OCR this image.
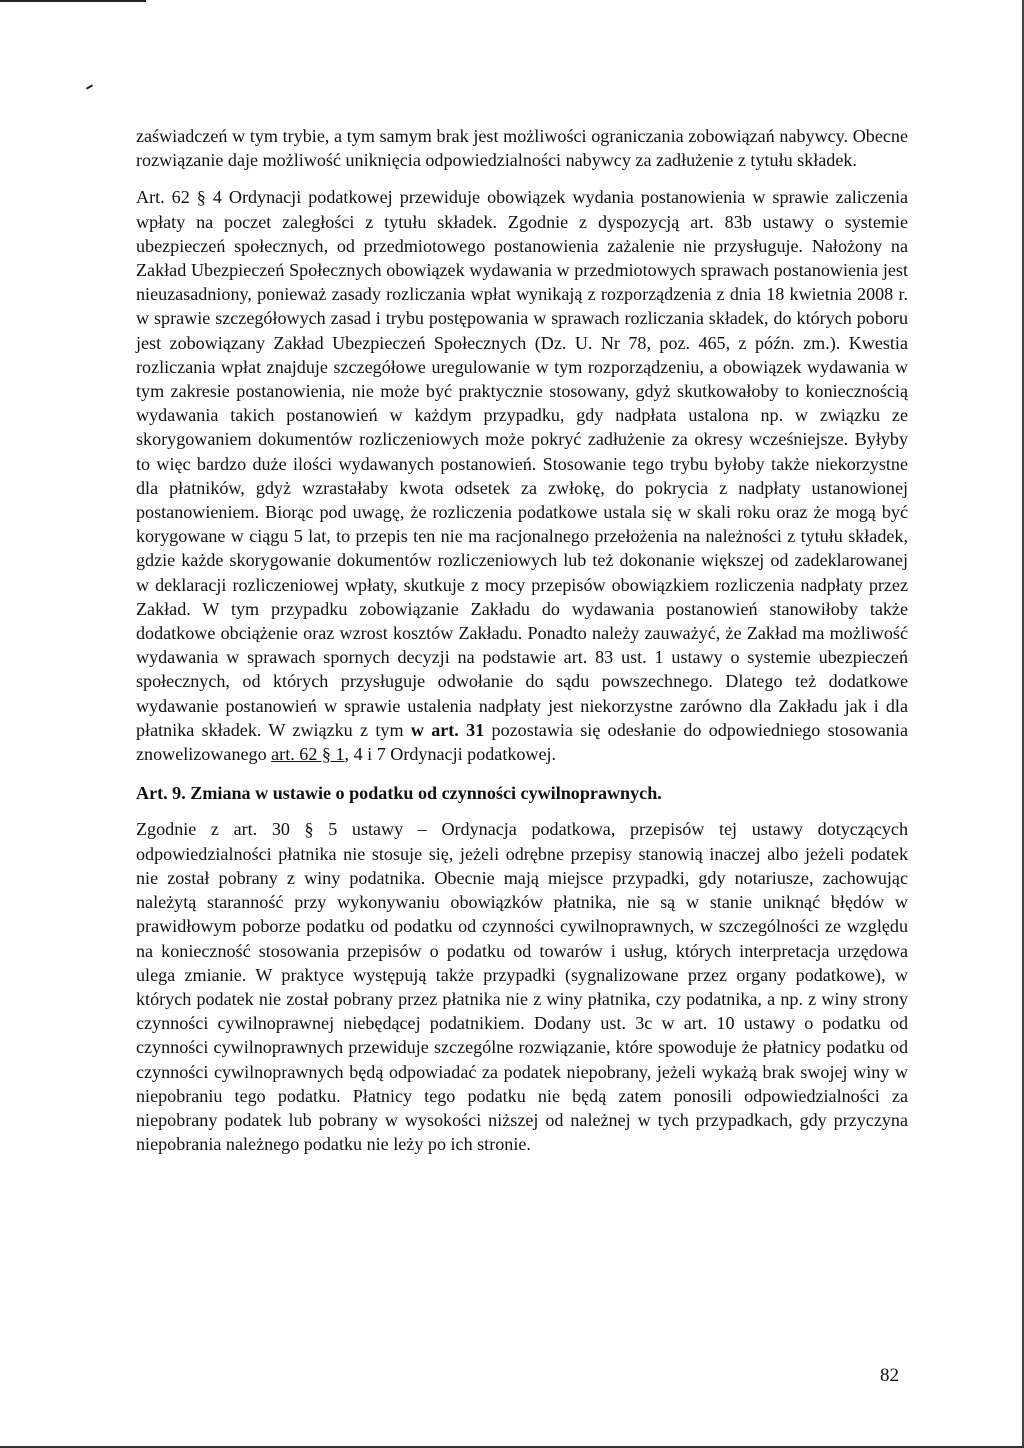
zaświadczeń w tym trybie, a tym samym brak jest możliwości ograniczania zobowiązań nabywcy. Obecne rozwiązanie daje możliwość uniknięcia odpowiedzialności nabywcy za zadłużenie z tytułu składek.

Art. 62 § 4 Ordynacji podatkowej przewiduje obowiązek wydania postanowienia w sprawie zaliczenia wpłaty na poczet zaległości z tytułu składek. Zgodnie z dyspozycją art. 83b ustawy o systemie ubezpieczeń społecznych, od przedmiotowego postanowienia zażalenie nie przysługuje. Nałożony na Zakład Ubezpieczeń Społecznych obowiązek wydawania w przedmiotowych sprawach postanowienia jest nieuzasadniony, ponieważ zasady rozliczania wpłat wynikają z rozporządzenia z dnia 18 kwietnia 2008 r. w sprawie szczegółowych zasad i trybu postępowania w sprawach rozliczania składek, do których poboru jest zobowiązany Zakład Ubezpieczeń Społecznych (Dz. U. Nr 78, poz. 465, z późn. zm.). Kwestia rozliczania wpłat znajduje szczegółowe uregulowanie w tym rozporządzeniu, a obowiązek wydawania w tym zakresie postanowienia, nie może być praktycznie stosowany, gdyż skutkowałoby to koniecznością wydawania takich postanowień w każdym przypadku, gdy nadpłata ustalona np. w związku ze skorygowaniem dokumentów rozliczeniowych może pokryć zadłużenie za okresy wcześniejsze. Byłyby to więc bardzo duże ilości wydawanych postanowień. Stosowanie tego trybu byłoby także niekorzystne dla płatników, gdyż wzrastałaby kwota odsetek za zwłokę, do pokrycia z nadpłaty ustanowionej postanowieniem. Biorąc pod uwagę, że rozliczenia podatkowe ustala się w skali roku oraz że mogą być korygowane w ciągu 5 lat, to przepis ten nie ma racjonalnego przełożenia na należności z tytułu składek, gdzie każde skorygowanie dokumentów rozliczeniowych lub też dokonanie większej od zadeklarowanej w deklaracji rozliczeniowej wpłaty, skutkuje z mocy przepisów obowiązkiem rozliczenia nadpłaty przez Zakład. W tym przypadku zobowiązanie Zakładu do wydawania postanowień stanowiłoby także dodatkowe obciążenie oraz wzrost kosztów Zakładu. Ponadto należy zauważyć, że Zakład ma możliwość wydawania w sprawach spornych decyzji na podstawie art. 83 ust. 1 ustawy o systemie ubezpieczeń społecznych, od których przysługuje odwołanie do sądu powszechnego. Dlatego też dodatkowe wydawanie postanowień w sprawie ustalenia nadpłaty jest niekorzystne zarówno dla Zakładu jak i dla płatnika składek. W związku z tym w art. 31 pozostawia się odesłanie do odpowiedniego stosowania znowelizowanego art. 62 § 1, 4 i 7 Ordynacji podatkowej.

Art. 9. Zmiana w ustawie o podatku od czynności cywilnoprawnych.

Zgodnie z art. 30 § 5 ustawy – Ordynacja podatkowa, przepisów tej ustawy dotyczących odpowiedzialności płatnika nie stosuje się, jeżeli odrębne przepisy stanowią inaczej albo jeżeli podatek nie został pobrany z winy podatnika. Obecnie mają miejsce przypadki, gdy notariusze, zachowując należytą staranność przy wykonywaniu obowiązków płatnika, nie są w stanie uniknąć błędów w prawidłowym poborze podatku od podatku od czynności cywilnoprawnych, w szczególności ze względu na konieczność stosowania przepisów o podatku od towarów i usług, których interpretacja urzędowa ulega zmianie. W praktyce występują także przypadki (sygnalizowane przez organy podatkowe), w których podatek nie został pobrany przez płatnika nie z winy płatnika, czy podatnika, a np. z winy strony czynności cywilnoprawnej niebędącej podatnikiem. Dodany ust. 3c w art. 10 ustawy o podatku od czynności cywilnoprawnych przewiduje szczególne rozwiązanie, które spowoduje że płatnicy podatku od czynności cywilnoprawnych będą odpowiadać za podatek niepobrany, jeżeli wykażą brak swojej winy w niepobraniu tego podatku. Płatnicy tego podatku nie będą zatem ponosili odpowiedzialności za niepobrany podatek lub pobrany w wysokości niższej od należnej w tych przypadkach, gdy przyczyna niepobrania należnego podatku nie leży po ich stronie.

82
